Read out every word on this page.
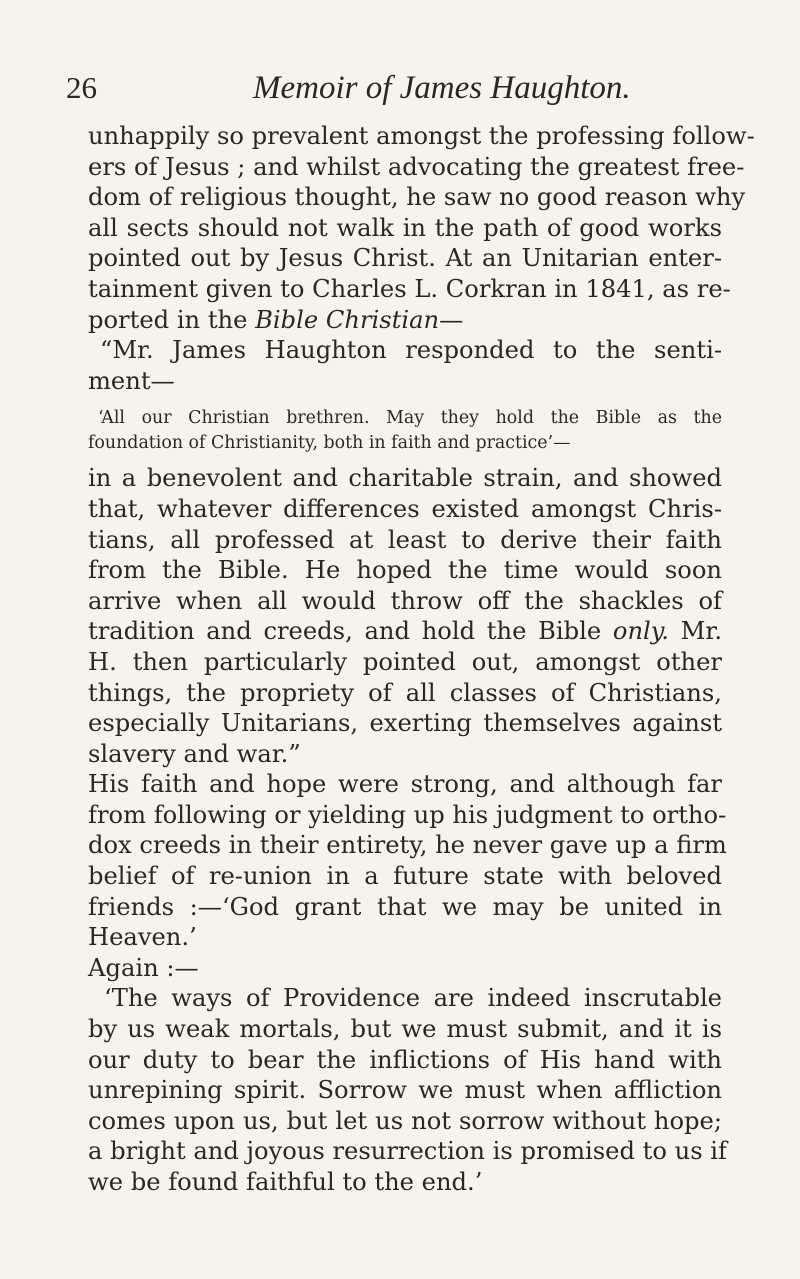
26	Memoir of James Haughton.
unhappily so prevalent amongst the professing follow-
ers of Jesus ; and whilst advocating the greatest free-
dom of religious thought, he saw no good reason why
all sects should not walk in the path of good works
pointed out by Jesus Christ. At an Unitarian enter-
tainment given to Charles L. Corkran in 1841, as re-
ported in the Bible Christian—
“Mr. James Haughton responded to the senti-
ment—
‘All our Christian brethren. May they hold the Bible as the
foundation of Christianity, both in faith and practice’—
in a benevolent and charitable strain, and showed
that, whatever differences existed amongst Chris-
tians, all professed at least to derive their faith
from the Bible. He hoped the time would soon
arrive when all would throw off the shackles of
tradition and creeds, and hold the Bible only. Mr.
H. then particularly pointed out, amongst other
things, the propriety of all classes of Christians,
especially Unitarians, exerting themselves against
slavery and war.”
His faith and hope were strong, and although far
from following or yielding up his judgment to ortho-
dox creeds in their entirety, he never gave up a firm
belief of re-union in a future state with beloved
friends :—‘God grant that we may be united in
Heaven.’
Again :—
‘The ways of Providence are indeed inscrutable
by us weak mortals, but we must submit, and it is
our duty to bear the inflictions of His hand with
unrepining spirit. Sorrow we must when affliction
comes upon us, but let us not sorrow without hope;
a bright and joyous resurrection is promised to us if
we be found faithful to the end.’
